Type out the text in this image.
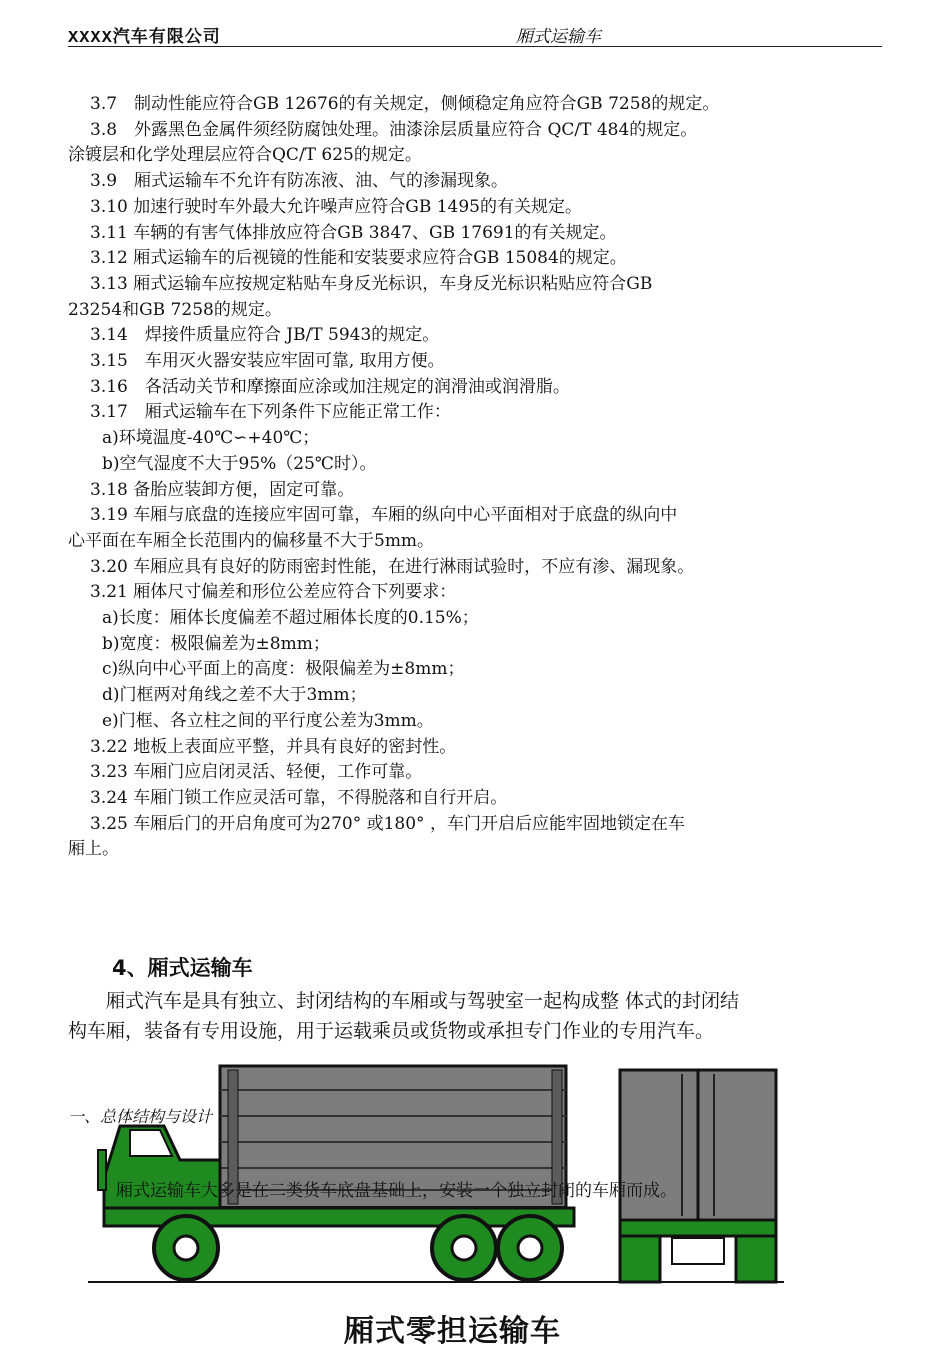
XXXX汽车有限公司	厢式运输车
3.7　制动性能应符合GB 12676的有关规定，侧倾稳定角应符合GB 7258的规定。
3.8　外露黑色金属件须经防腐蚀处理。油漆涂层质量应符合 QC/T 484的规定。
涂镀层和化学处理层应符合QC/T 625的规定。
3.9　厢式运输车不允许有防冻液、油、气的渗漏现象。
3.10 加速行驶时车外最大允许噪声应符合GB 1495的有关规定。
3.11 车辆的有害气体排放应符合GB 3847、GB 17691的有关规定。
3.12 厢式运输车的后视镜的性能和安装要求应符合GB 15084的规定。
3.13 厢式运输车应按规定粘贴车身反光标识，车身反光标识粘贴应符合GB
23254和GB 7258的规定。
3.14　焊接件质量应符合 JB/T 5943的规定。
3.15　车用灭火器安装应牢固可靠, 取用方便。
3.16　各活动关节和摩擦面应涂或加注规定的润滑油或润滑脂。
3.17　厢式运输车在下列条件下应能正常工作：
a)环境温度-40℃∽+40℃；
b)空气湿度不大于95%（25℃时）。
3.18 备胎应装卸方便，固定可靠。
3.19 车厢与底盘的连接应牢固可靠，车厢的纵向中心平面相对于底盘的纵向中
心平面在车厢全长范围内的偏移量不大于5mm。
3.20 车厢应具有良好的防雨密封性能，在进行淋雨试验时，不应有渗、漏现象。
3.21 厢体尺寸偏差和形位公差应符合下列要求：
a)长度：厢体长度偏差不超过厢体长度的0.15%；
b)宽度：极限偏差为±8mm；
c)纵向中心平面上的高度：极限偏差为±8mm；
d)门框两对角线之差不大于3mm；
e)门框、各立柱之间的平行度公差为3mm。
3.22 地板上表面应平整，并具有良好的密封性。
3.23 车厢门应启闭灵活、轻便，工作可靠。
3.24 车厢门锁工作应灵活可靠，不得脱落和自行开启。
3.25 车厢后门的开启角度可为270° 或180° ，车门开启后应能牢固地锁定在车
厢上。
4、厢式运输车
　　厢式汽车是具有独立、封闭结构的车厢或与驾驶室一起构成整 体式的封闭结
构车厢，装备有专用设施，用于运载乘员或货物或承担专门作业的专用汽车。
一、总体结构与设计
厢式运输车大多是在二类货车底盘基础上，安装一个独立封闭的车厢而成。
厢式零担运输车
